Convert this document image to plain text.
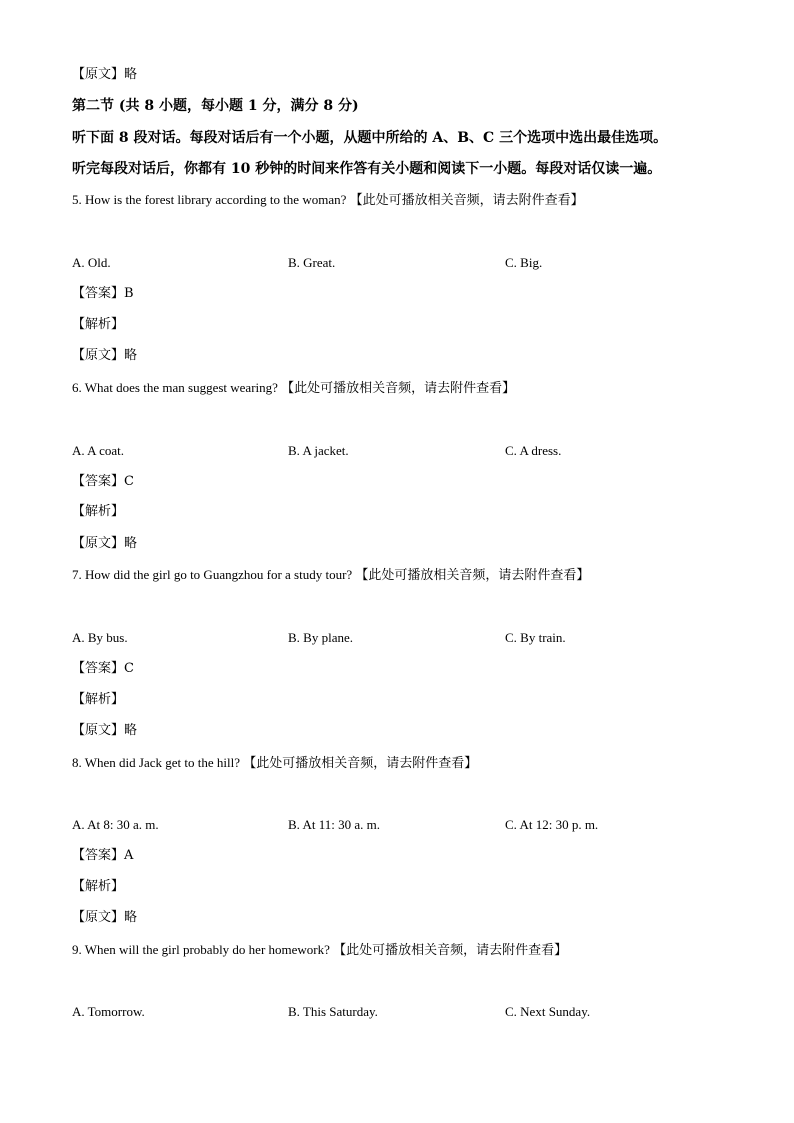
【原文】略
第二节 (共 8 小题，每小题 1 分，满分 8 分)
听下面 8 段对话。每段对话后有一个小题，从题中所给的 A、B、C 三个选项中选出最佳选项。
听完每段对话后，你都有 10 秒钟的时间来作答有关小题和阅读下一小题。每段对话仅读一遍。
5. How is the forest library according to the woman? 【此处可播放相关音频，请去附件查看】
A. Old.	B. Great.	C. Big.
【答案】B
【解析】
【原文】略
6. What does the man suggest wearing? 【此处可播放相关音频，请去附件查看】
A. A coat.	B. A jacket.	C. A dress.
【答案】C
【解析】
【原文】略
7. How did the girl go to Guangzhou for a study tour? 【此处可播放相关音频，请去附件查看】
A. By bus.	B. By plane.	C. By train.
【答案】C
【解析】
【原文】略
8. When did Jack get to the hill? 【此处可播放相关音频，请去附件查看】
A. At 8: 30 a. m.	B. At 11: 30 a. m.	C. At 12: 30 p. m.
【答案】A
【解析】
【原文】略
9. When will the girl probably do her homework? 【此处可播放相关音频，请去附件查看】
A. Tomorrow.	B. This Saturday.	C. Next Sunday.
